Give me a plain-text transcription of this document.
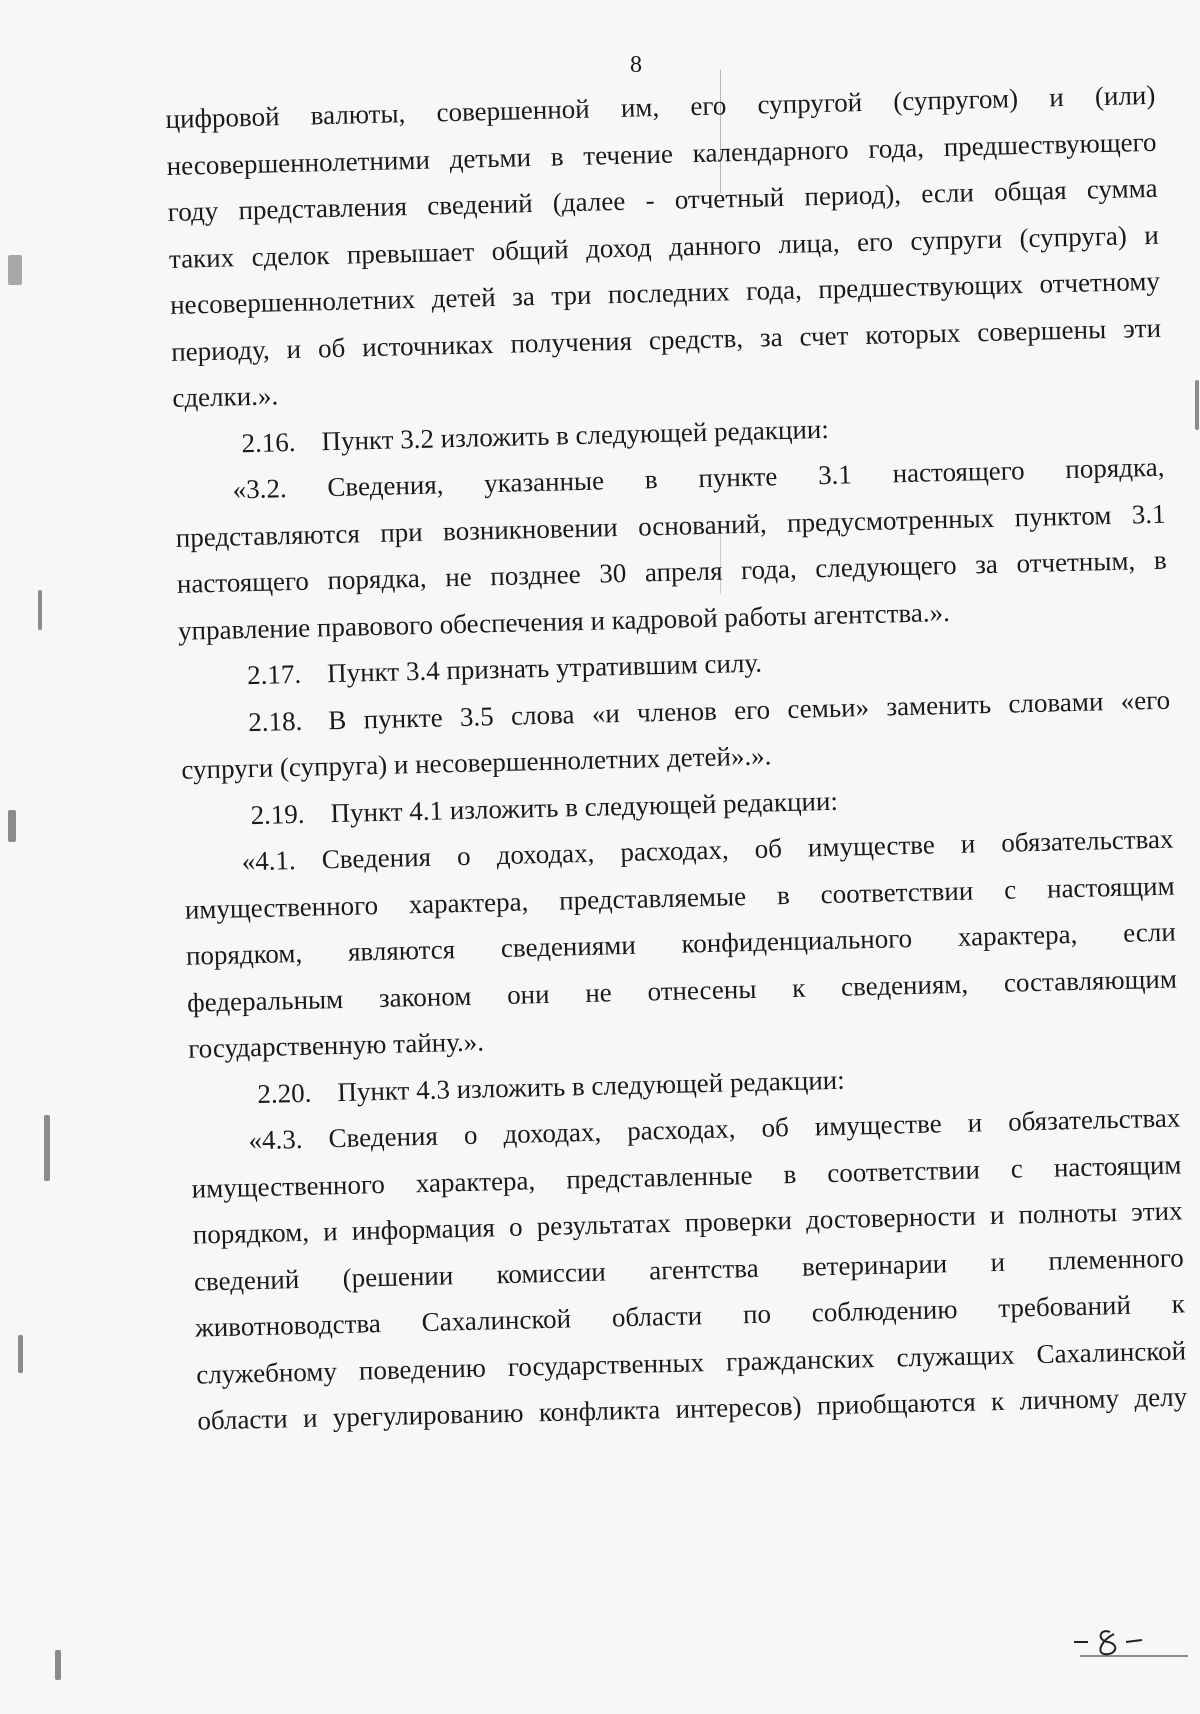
8
цифровой валюты, совершенной им, его супругой (супругом) и (или)
несовершеннолетними детьми в течение календарного года, предшествующего
году представления сведений (далее - отчетный период), если общая сумма
таких сделок превышает общий доход данного лица, его супруги (супруга) и
несовершеннолетних детей за три последних года, предшествующих отчетному
периоду, и об источниках получения средств, за счет которых совершены эти
сделки.».
2.16. Пункт 3.2 изложить в следующей редакции:
«3.2. Сведения, указанные в пункте 3.1 настоящего порядка,
представляются при возникновении оснований, предусмотренных пунктом 3.1
настоящего порядка, не позднее 30 апреля года, следующего за отчетным, в
управление правового обеспечения и кадровой работы агентства.».
2.17. Пункт 3.4 признать утратившим силу.
2.18. В пункте 3.5 слова «и членов его семьи» заменить словами «его
супруги (супруга) и несовершеннолетних детей».».
2.19. Пункт 4.1 изложить в следующей редакции:
«4.1. Сведения о доходах, расходах, об имуществе и обязательствах
имущественного характера, представляемые в соответствии с настоящим
порядком, являются сведениями конфиденциального характера, если
федеральным законом они не отнесены к сведениям, составляющим
государственную тайну.».
2.20. Пункт 4.3 изложить в следующей редакции:
«4.3. Сведения о доходах, расходах, об имуществе и обязательствах
имущественного характера, представленные в соответствии с настоящим
порядком, и информация о результатах проверки достоверности и полноты этих
сведений (решении комиссии агентства ветеринарии и племенного
животноводства Сахалинской области по соблюдению требований к
служебному поведению государственных гражданских служащих Сахалинской
области и урегулированию конфликта интересов) приобщаются к личному делу
